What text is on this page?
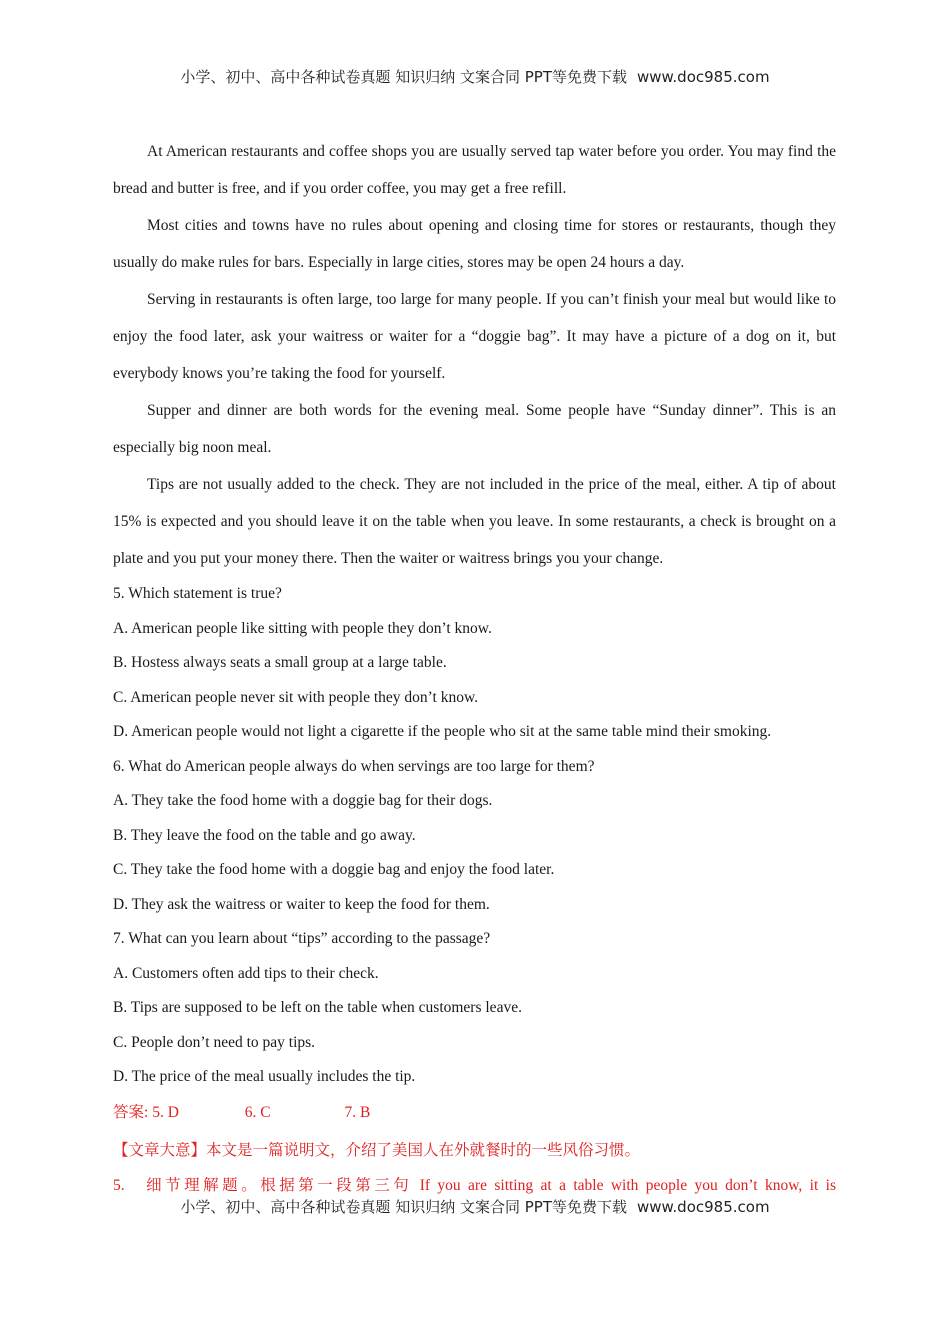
小学、初中、高中各种试卷真题 知识归纳 文案合同 PPT等免费下载 www.doc985.com

At American restaurants and coffee shops you are usually served tap water before you order. You may find the bread and butter is free, and if you order coffee, you may get a free refill.

Most cities and towns have no rules about opening and closing time for stores or restaurants, though they usually do make rules for bars. Especially in large cities, stores may be open 24 hours a day.

Serving in restaurants is often large, too large for many people. If you can’t finish your meal but would like to enjoy the food later, ask your waitress or waiter for a “doggie bag”. It may have a picture of a dog on it, but everybody knows you’re taking the food for yourself.

Supper and dinner are both words for the evening meal. Some people have “Sunday dinner”. This is an especially big noon meal.

Tips are not usually added to the check. They are not included in the price of the meal, either. A tip of about 15% is expected and you should leave it on the table when you leave. In some restaurants, a check is brought on a plate and you put your money there. Then the waiter or waitress brings you your change.

5. Which statement is true?

A. American people like sitting with people they don’t know.

B. Hostess always seats a small group at a large table.

C. American people never sit with people they don’t know.

D. American people would not light a cigarette if the people who sit at the same table mind their smoking.

6. What do American people always do when servings are too large for them?

A. They take the food home with a doggie bag for their dogs.

B. They leave the food on the table and go away.

C. They take the food home with a doggie bag and enjoy the food later.

D. They ask the waitress or waiter to keep the food for them.

7. What can you learn about “tips” according to the passage?

A. Customers often add tips to their check.

B. Tips are supposed to be left on the table when customers leave.

C. People don’t need to pay tips.

D. The price of the meal usually includes the tip.

答案: 5. D	6. C	7. B

【文章大意】本文是一篇说明文，介绍了美国人在外就餐时的一些风俗习惯。

5. 细节理解题。根据第一段第三句 If you are sitting at a table with people you don’t know, it is

小学、初中、高中各种试卷真题 知识归纳 文案合同 PPT等免费下载 www.doc985.com
